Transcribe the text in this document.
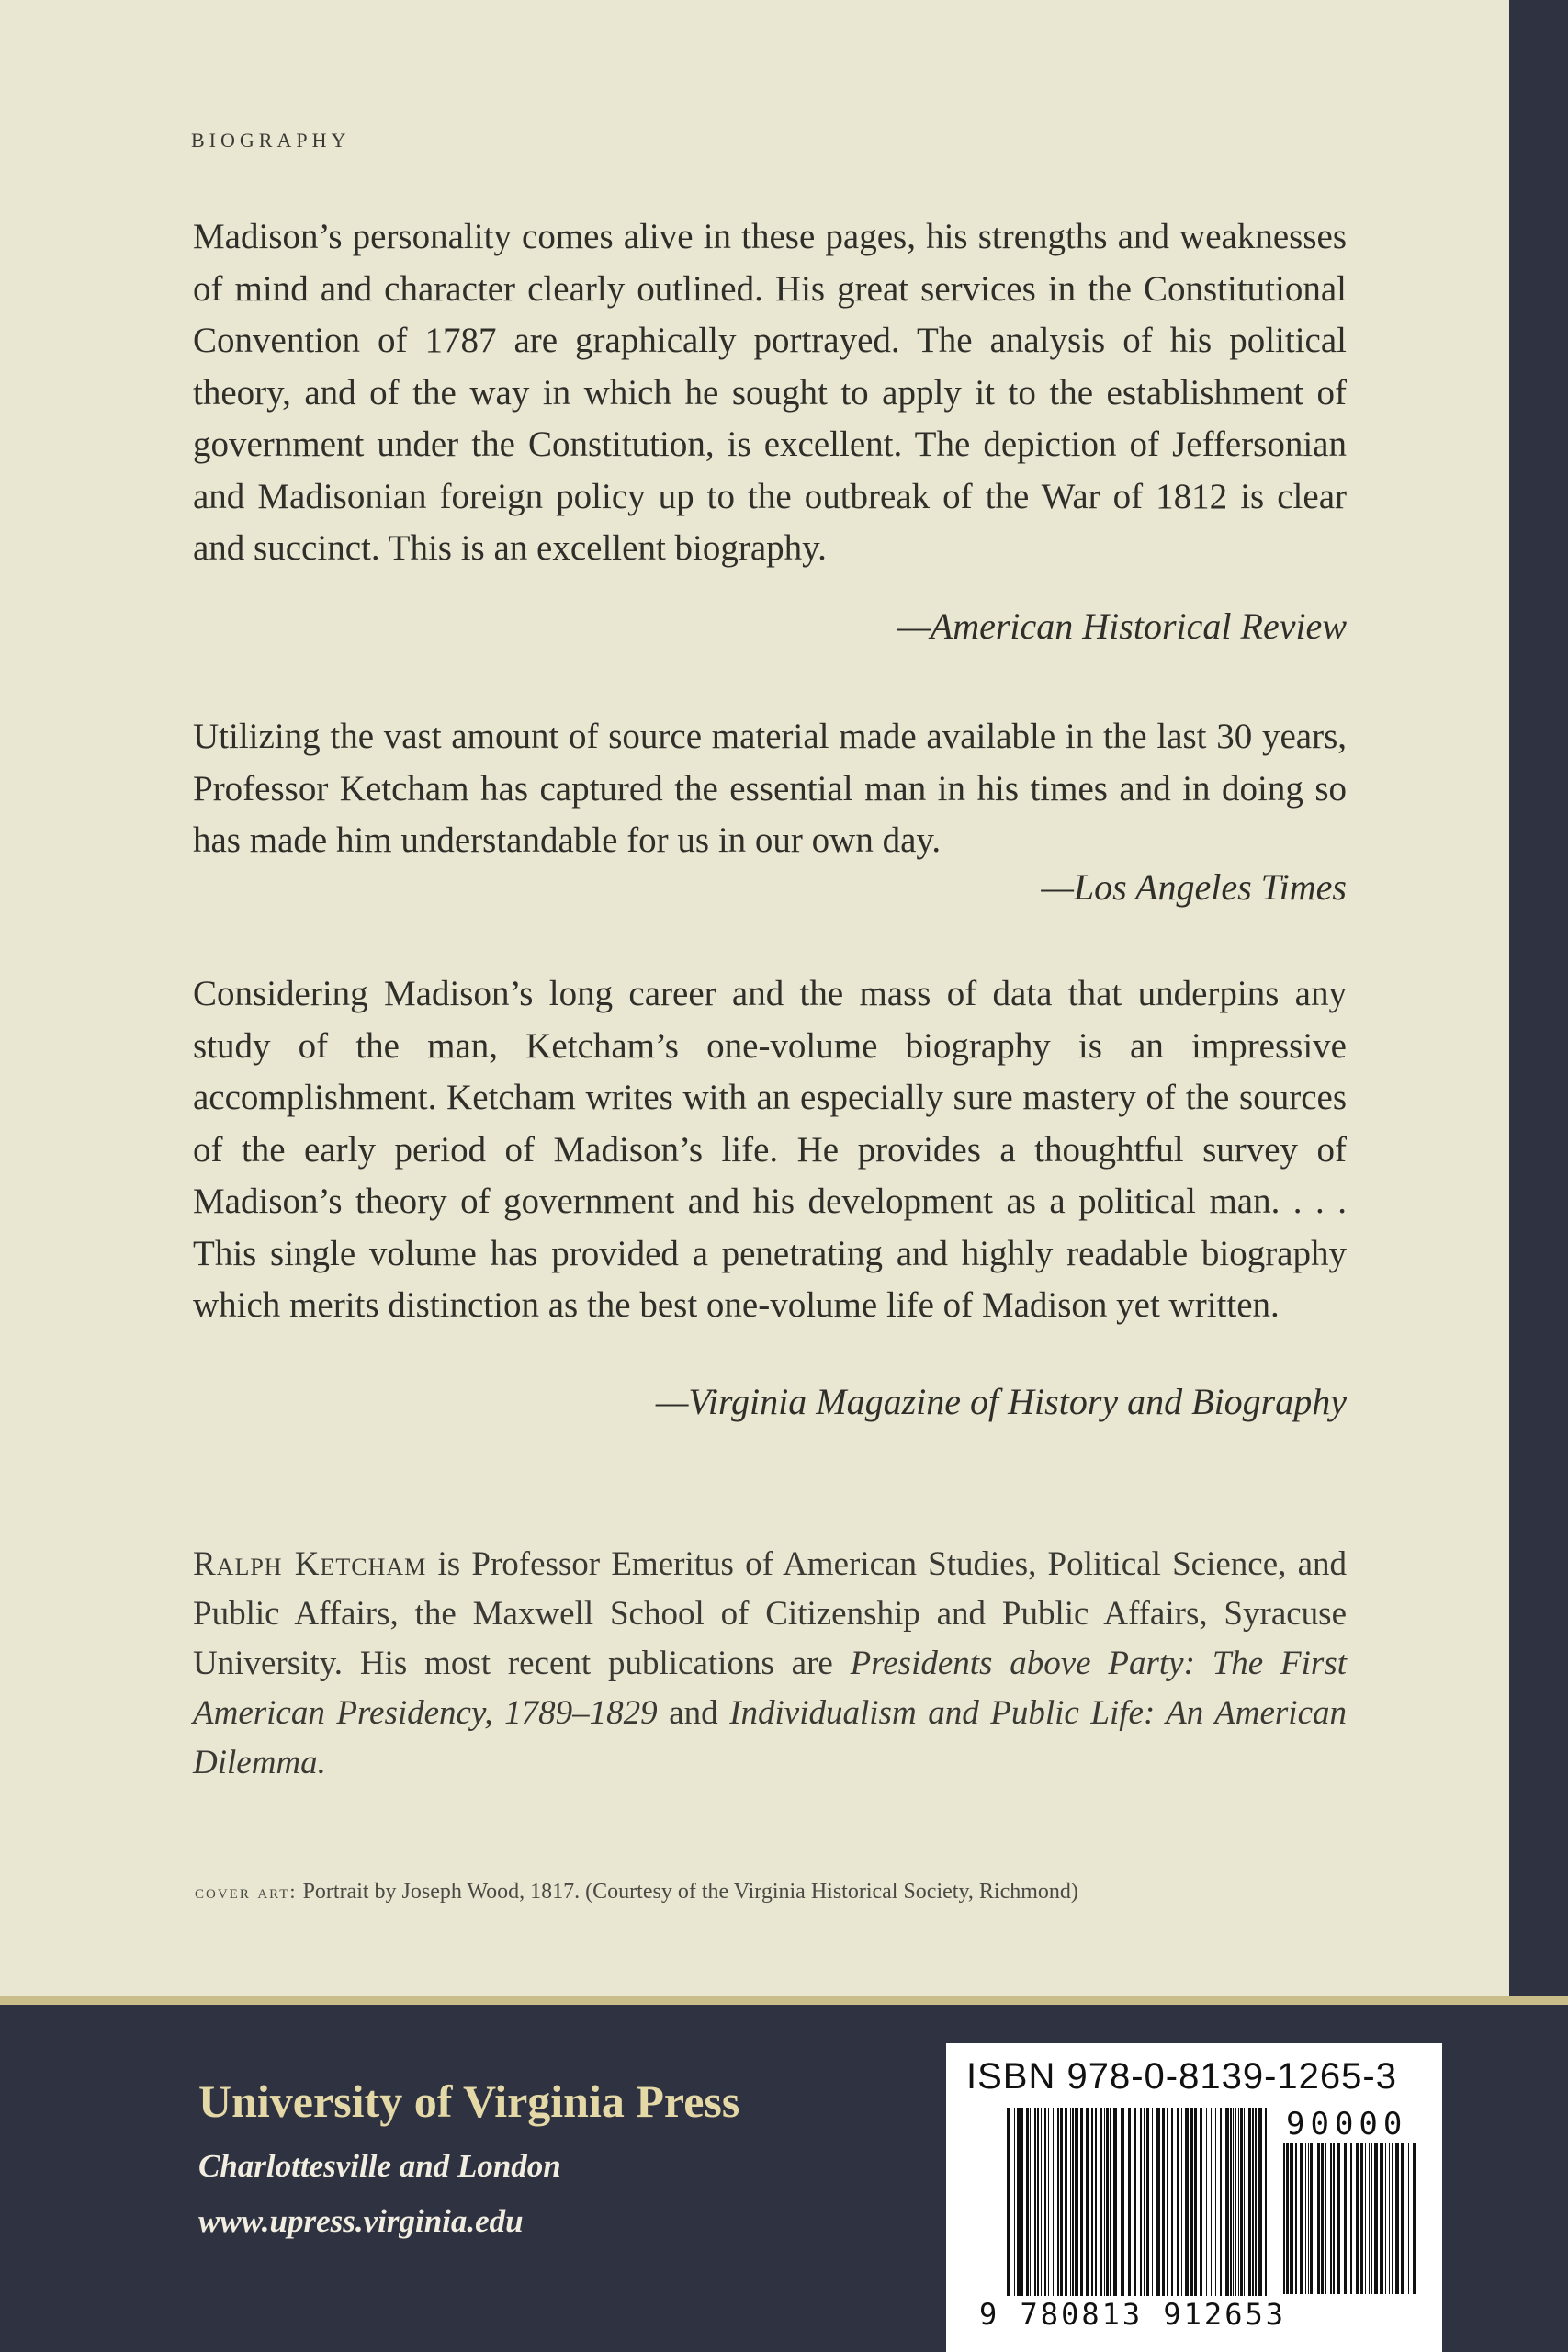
BIOGRAPHY

Madison’s personality comes alive in these pages, his strengths and weaknesses of mind and character clearly outlined. His great services in the Constitutional Convention of 1787 are graphically portrayed. The analysis of his political theory, and of the way in which he sought to apply it to the establishment of government under the Constitution, is excellent. The depiction of Jeffersonian and Madisonian foreign policy up to the outbreak of the War of 1812 is clear and succinct. This is an excellent biography.

—American Historical Review

Utilizing the vast amount of source material made available in the last 30 years, Professor Ketcham has captured the essential man in his times and in doing so has made him understandable for us in our own day.

—Los Angeles Times

Considering Madison’s long career and the mass of data that underpins any study of the man, Ketcham’s one-volume biography is an impressive accomplishment. Ketcham writes with an especially sure mastery of the sources of the early period of Madison’s life. He provides a thoughtful survey of Madison’s theory of government and his development as a political man. . . . This single volume has provided a penetrating and highly readable biography which merits distinction as the best one-volume life of Madison yet written.

—Virginia Magazine of History and Biography

Ralph Ketcham is Professor Emeritus of American Studies, Political Science, and Public Affairs, the Maxwell School of Citizenship and Public Affairs, Syracuse University. His most recent publications are Presidents above Party: The First American Presidency, 1789–1829 and Individualism and Public Life: An American Dilemma.

cover art: Portrait by Joseph Wood, 1817. (Courtesy of the Virginia Historical Society, Richmond)
University of Virginia Press
Charlottesville and London
www.upress.virginia.edu
ISBN 978-0-8139-1265-3
90000
9 780813 912653
